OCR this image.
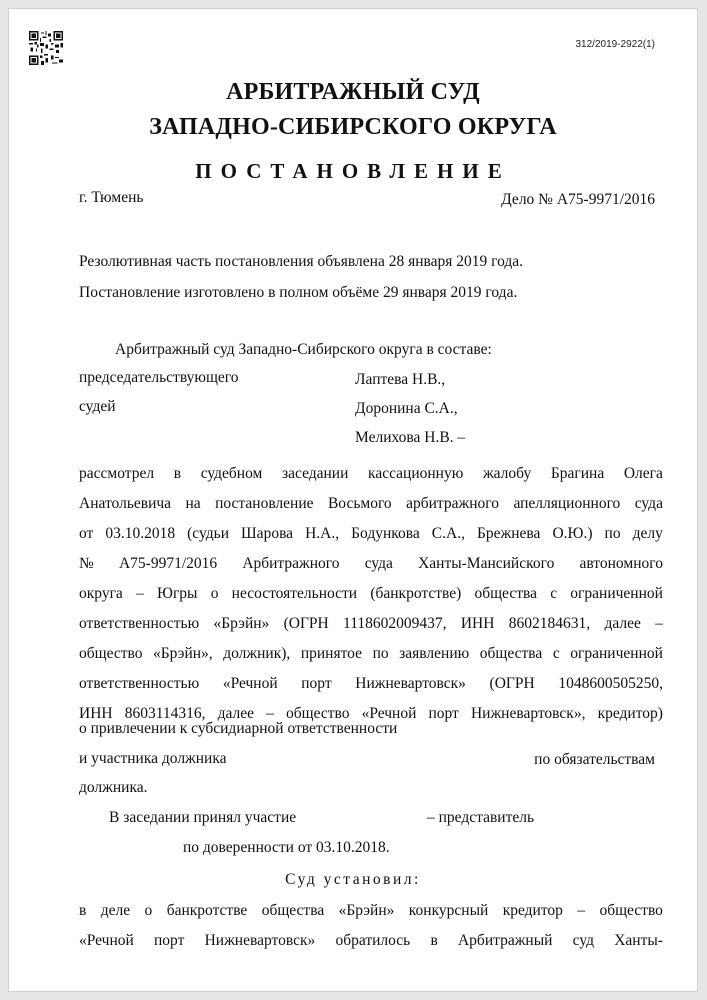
312/2019-2922(1)
АРБИТРАЖНЫЙ СУД
ЗАПАДНО-СИБИРСКОГО ОКРУГА
ПОСТАНОВЛЕНИЕ
г. Тюмень	Дело № А75-9971/2016
Резолютивная часть постановления объявлена 28 января 2019 года.
Постановление изготовлено в полном объёме 29 января 2019 года.
Арбитражный суд Западно-Сибирского округа в составе:
председательствующего	Лаптева Н.В.,
судей	Доронина С.А.,
Мелихова Н.В. –
рассмотрел в судебном заседании кассационную жалобу Брагина Олега
Анатольевича на постановление Восьмого арбитражного апелляционного суда
от 03.10.2018 (судьи Шарова Н.А., Бодункова С.А., Брежнева О.Ю.) по делу
№ А75-9971/2016 Арбитражного суда Ханты-Мансийского автономного
округа – Югры о несостоятельности (банкротстве) общества с ограниченной
ответственностью «Брэйн» (ОГРН 1118602009437, ИНН 8602184631, далее –
общество «Брэйн», должник), принятое по заявлению общества с ограниченной
ответственностью «Речной порт Нижневартовск» (ОГРН 1048600505250,
ИНН 8603114316, далее – общество «Речной порт Нижневартовск», кредитор)
о привлечении к субсидиарной ответственности
и участника должника	по обязательствам
должника.
В заседании принял участие	– представитель
по доверенности от 03.10.2018.
Суд установил:
в деле о банкротстве общества «Брэйн» конкурсный кредитор – общество
«Речной порт Нижневартовск» обратилось в Арбитражный суд Ханты-
